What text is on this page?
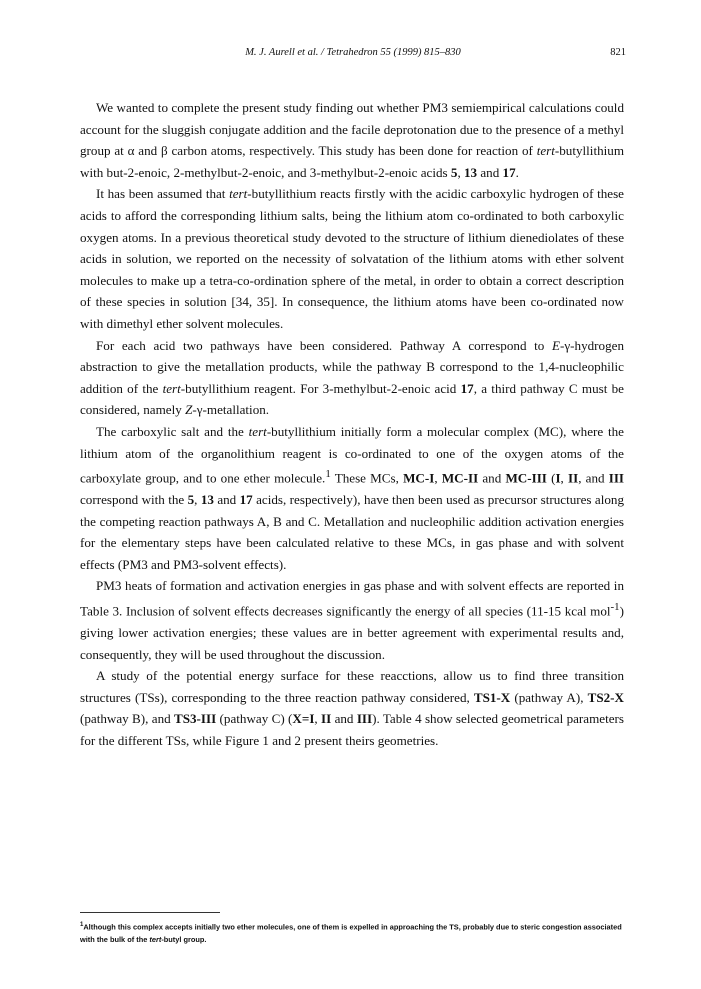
M. J. Aurell et al. / Tetrahedron 55 (1999) 815–830	821

We wanted to complete the present study finding out whether PM3 semiempirical calculations could account for the sluggish conjugate addition and the facile deprotonation due to the presence of a methyl group at α and β carbon atoms, respectively. This study has been done for reaction of tert-butyllithium with but-2-enoic, 2-methylbut-2-enoic, and 3-methylbut-2-enoic acids 5, 13 and 17.

It has been assumed that tert-butyllithium reacts firstly with the acidic carboxylic hydrogen of these acids to afford the corresponding lithium salts, being the lithium atom co-ordinated to both carboxylic oxygen atoms. In a previous theoretical study devoted to the structure of lithium dienediolates of these acids in solution, we reported on the necessity of solvatation of the lithium atoms with ether solvent molecules to make up a tetra-co-ordination sphere of the metal, in order to obtain a correct description of these species in solution [34, 35]. In consequence, the lithium atoms have been co-ordinated now with dimethyl ether solvent molecules.

For each acid two pathways have been considered. Pathway A correspond to E-γ-hydrogen abstraction to give the metallation products, while the pathway B correspond to the 1,4-nucleophilic addition of the tert-butyllithium reagent. For 3-methylbut-2-enoic acid 17, a third pathway C must be considered, namely Z-γ-metallation.

The carboxylic salt and the tert-butyllithium initially form a molecular complex (MC), where the lithium atom of the organolithium reagent is co-ordinated to one of the oxygen atoms of the carboxylate group, and to one ether molecule.$^1$ These MCs, MC-I, MC-II and MC-III (I, II, and III correspond with the 5, 13 and 17 acids, respectively), have then been used as precursor structures along the competing reaction pathways A, B and C. Metallation and nucleophilic addition activation energies for the elementary steps have been calculated relative to these MCs, in gas phase and with solvent effects (PM3 and PM3-solvent effects).

PM3 heats of formation and activation energies in gas phase and with solvent effects are reported in Table 3. Inclusion of solvent effects decreases significantly the energy of all species (11-15 kcal mol$^{-1}$) giving lower activation energies; these values are in better agreement with experimental results and, consequently, they will be used throughout the discussion.

A study of the potential energy surface for these reacctions, allow us to find three transition structures (TSs), corresponding to the three reaction pathway considered, TS1-X (pathway A), TS2-X (pathway B), and TS3-III (pathway C) (X=I, II and III). Table 4 show selected geometrical parameters for the different TSs, while Figure 1 and 2 present theirs geometries.

$^1$Although this complex accepts initially two ether molecules, one of them is expelled in approaching the TS, probably due to steric congestion associated with the bulk of the tert-butyl group.
